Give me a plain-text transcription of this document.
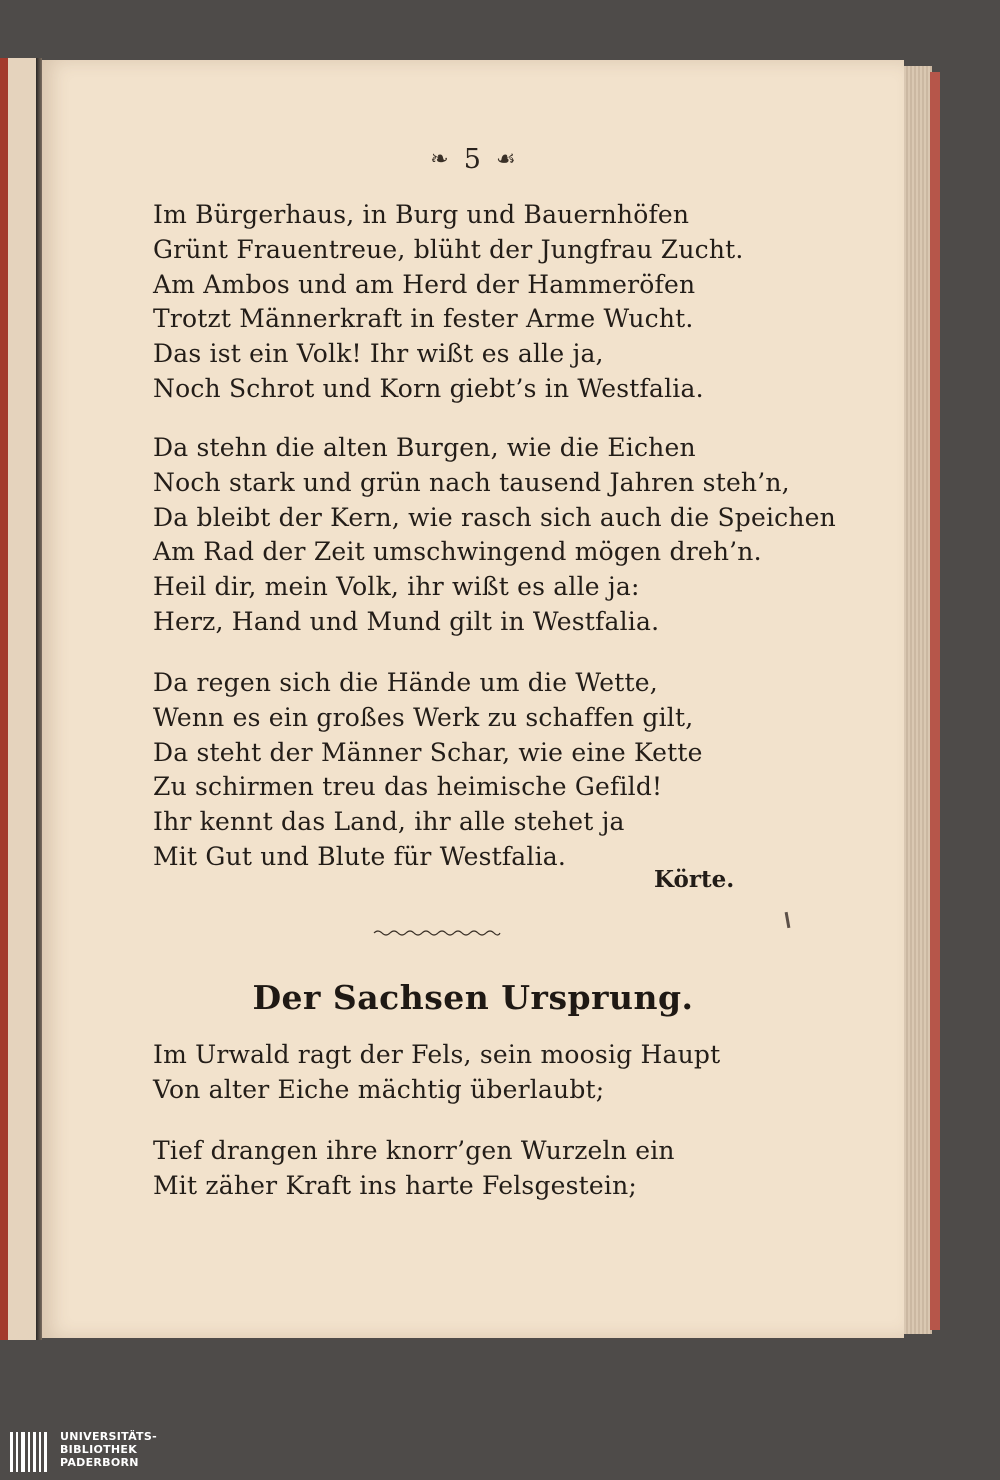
❧ 5 ☙
Im Bürgerhaus, in Burg und Bauernhöfen
Grünt Frauentreue, blüht der Jungfrau Zucht.
Am Ambos und am Herd der Hammeröfen
Trotzt Männerkraft in fester Arme Wucht.
Das ist ein Volk! Ihr wißt es alle ja,
Noch Schrot und Korn giebt’s in Westfalia.
Da stehn die alten Burgen, wie die Eichen
Noch stark und grün nach tausend Jahren steh’n,
Da bleibt der Kern, wie rasch sich auch die Speichen
Am Rad der Zeit umschwingend mögen dreh’n.
Heil dir, mein Volk, ihr wißt es alle ja:
Herz, Hand und Mund gilt in Westfalia.
Da regen sich die Hände um die Wette,
Wenn es ein großes Werk zu schaffen gilt,
Da steht der Männer Schar, wie eine Kette
Zu schirmen treu das heimische Gefild!
Ihr kennt das Land, ihr alle stehet ja
Mit Gut und Blute für Westfalia.
Körte.
Der Sachsen Ursprung.
Im Urwald ragt der Fels, sein moosig Haupt
Von alter Eiche mächtig überlaubt;
Tief drangen ihre knorr’gen Wurzeln ein
Mit zäher Kraft ins harte Felsgestein;
UNIVERSITÄTS-
BIBLIOTHEK
PADERBORN
